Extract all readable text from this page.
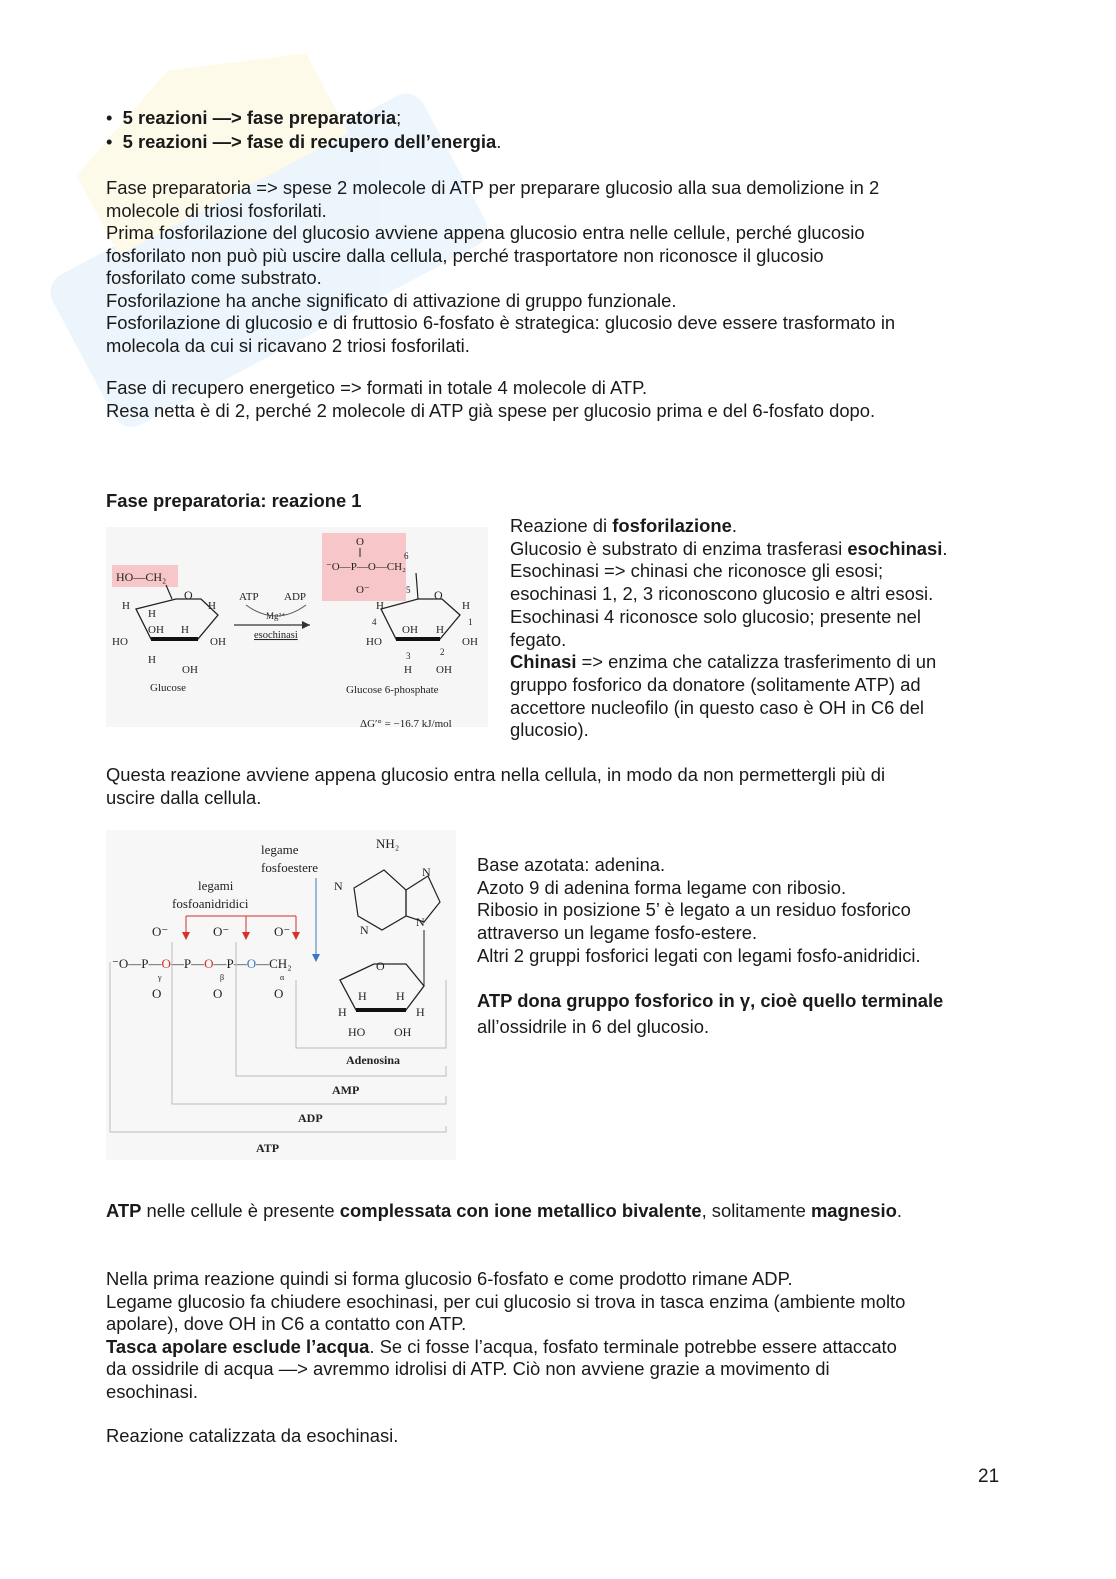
•  5 reazioni —> fase preparatoria;
•  5 reazioni —> fase di recupero dell’energia.
Fase preparatoria => spese 2 molecole di ATP per preparare glucosio alla sua demolizione in 2
molecole di triosi fosforilati.
Prima fosforilazione del glucosio avviene appena glucosio entra nelle cellule, perché glucosio
fosforilato non può più uscire dalla cellula, perché trasportatore non riconosce il glucosio
fosforilato come substrato.
Fosforilazione ha anche significato di attivazione di gruppo funzionale.
Fosforilazione di glucosio e di fruttosio 6-fosfato è strategica: glucosio deve essere trasformato in
molecola da cui si ricavano 2 triosi fosforilati.
Fase di recupero energetico => formati in totale 4 molecole di ATP.
Resa netta è di 2, perché 2 molecole di ATP già spese per glucosio prima e del 6-fosfato dopo.
Fase preparatoria: reazione 1
HO—CH₂
O
H
H
H
OH H
HO	OH
H
OH
Glucose
ATP ADP
Mg²⁺
esochinasi
O
⁻O—P—O—CH₂
O⁻
6
5 O
H	H
4	1
OH H
HO	OH
3	2
H OH
Glucose 6-phosphate
ΔG′° = −16.7 kJ/mol
Reazione di fosforilazione.
Glucosio è substrato di enzima trasferasi esochinasi.
Esochinasi => chinasi che riconosce gli esosi;
esochinasi 1, 2, 3 riconoscono glucosio e altri esosi.
Esochinasi 4 riconosce solo glucosio; presente nel
fegato.
Chinasi => enzima che catalizza trasferimento di un
gruppo fosforico da donatore (solitamente ATP) ad
accettore nucleofilo (in questo caso è OH in C6 del
glucosio).
Questa reazione avviene appena glucosio entra nella cellula, in modo da non permettergli più di
uscire dalla cellula.
legame
fosfoestere
legami
fosfoanidridici
O⁻	O⁻	O⁻
⁻O—P—O—P—O—P—O—CH₂
γ	β	α
O	O	O
NH₂
N
N
N
N
O
H H
H	H
HO OH
Adenosina
AMP
ADP
ATP
Base azotata: adenina.
Azoto 9 di adenina forma legame con ribosio.
Ribosio in posizione 5’ è legato a un residuo fosforico
attraverso un legame fosfo-estere.
Altri 2 gruppi fosforici legati con legami fosfo-anidridici.
ATP dona gruppo fosforico in γ, cioè quello terminale
all’ossidrile in 6 del glucosio.
ATP nelle cellule è presente complessata con ione metallico bivalente, solitamente magnesio.
Nella prima reazione quindi si forma glucosio 6-fosfato e come prodotto rimane ADP.
Legame glucosio fa chiudere esochinasi, per cui glucosio si trova in tasca enzima (ambiente molto
apolare), dove OH in C6 a contatto con ATP.
Tasca apolare esclude l’acqua. Se ci fosse l’acqua, fosfato terminale potrebbe essere attaccato
da ossidrile di acqua —> avremmo idrolisi di ATP. Ciò non avviene grazie a movimento di
esochinasi.
Reazione catalizzata da esochinasi.
21
